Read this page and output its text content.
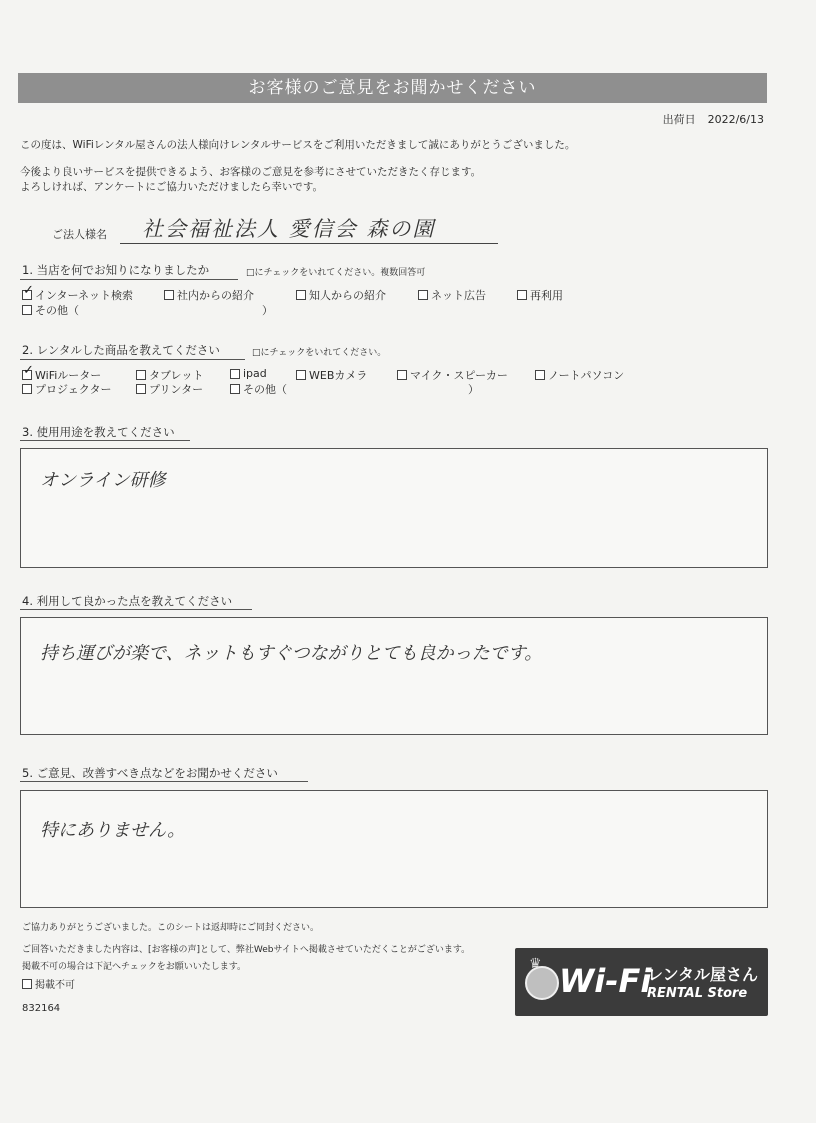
お客様のご意見をお聞かせください
出荷日 2022/6/13
この度は、WiFiレンタル屋さんの法人様向けレンタルサービスをご利用いただきまして誠にありがとうございました。
今後より良いサービスを提供できるよう、お客様のご意見を参考にさせていただきたく存じます。
よろしければ、アンケートにご協力いただけましたら幸いです。
ご法人様名 社会福祉法人 愛信会 森の園
1. 当店を何でお知りになりましたか	□にチェックをいれてください。複数回答可
✓
インターネット検索	社内からの紹介	知人からの紹介	ネット広告	再利用
その他（	）
2. レンタルした商品を教えてください	□にチェックをいれてください。
✓
WiFiルーター	タブレット	ipad	WEBカメラ	マイク・スピーカー	ノートパソコン
プロジェクター	プリンター	その他（	）
3. 使用用途を教えてください
オンライン研修
4. 利用して良かった点を教えてください
持ち運びが楽で、ネットもすぐつながりとても良かったです。
5. ご意見、改善すべき点などをお聞かせください
特にありません。
ご協力ありがとうございました。このシートは返却時にご同封ください。
ご回答いただきました内容は、[お客様の声]として、弊社Webサイトへ掲載させていただくことがございます。
掲載不可の場合は下記へチェックをお願いいたします。
掲載不可
832164
♛ Wi-Fi
レンタル屋さん
RENTAL Store
